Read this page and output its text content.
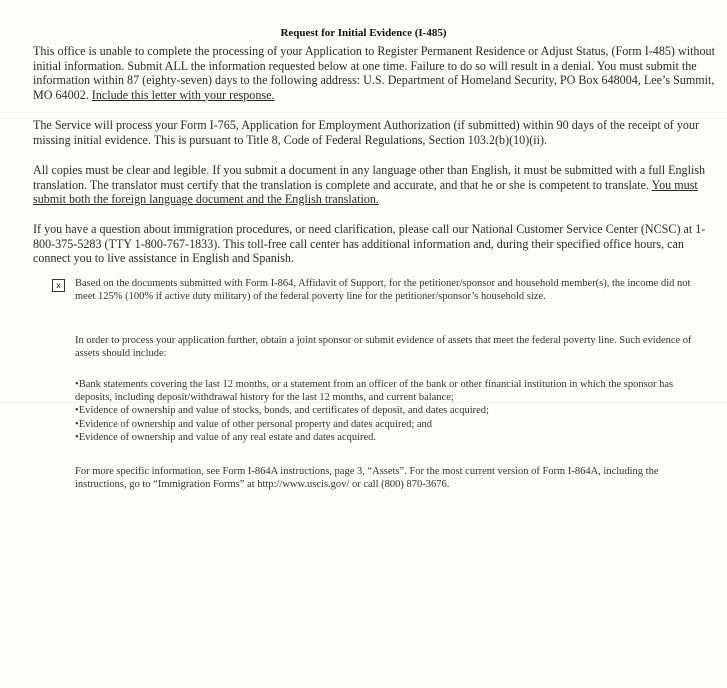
Request for Initial Evidence (I-485)
This office is unable to complete the processing of your Application to Register Permanent Residence or Adjust Status, (Form I-485) without initial information. Submit ALL the information requested below at one time. Failure to do so will result in a denial. You must submit the information within 87 (eighty-seven) days to the following address: U.S. Department of Homeland Security, PO Box 648004, Lee’s Summit, MO 64002. Include this letter with your response.
The Service will process your Form I-765, Application for Employment Authorization (if submitted) within 90 days of the receipt of your missing initial evidence. This is pursuant to Title 8, Code of Federal Regulations, Section 103.2(b)(10)(ii).
All copies must be clear and legible. If you submit a document in any language other than English, it must be submitted with a full English translation. The translator must certify that the translation is complete and accurate, and that he or she is competent to translate. You must submit both the foreign language document and the English translation.
If you have a question about immigration procedures, or need clarification, please call our National Customer Service Center (NCSC) at 1-800-375-5283 (TTY 1-800-767-1833). This toll-free call center has additional information and, during their specified office hours, can connect you to live assistance in English and Spanish.
x	Based on the documents submitted with Form I-864, Affidavit of Support, for the petitioner/sponsor and household member(s), the income did not meet 125% (100% if active duty military) of the federal poverty line for the petitioner/sponsor’s household size.
In order to process your application further, obtain a joint sponsor or submit evidence of assets that meet the federal poverty line. Such evidence of assets should include:
• Bank statements covering the last 12 months, or a statement from an officer of the bank or other financial institution in which the sponsor has deposits, including deposit/withdrawal history for the last 12 months, and current balance;
• Evidence of ownership and value of stocks, bonds, and certificates of deposit, and dates acquired;
• Evidence of ownership and value of other personal property and dates acquired; and
• Evidence of ownership and value of any real estate and dates acquired.
For more specific information, see Form I-864A instructions, page 3, “Assets”. For the most current version of Form I-864A, including the instructions, go to “Immigration Forms” at http://www.uscis.gov/ or call (800) 870-3676.
